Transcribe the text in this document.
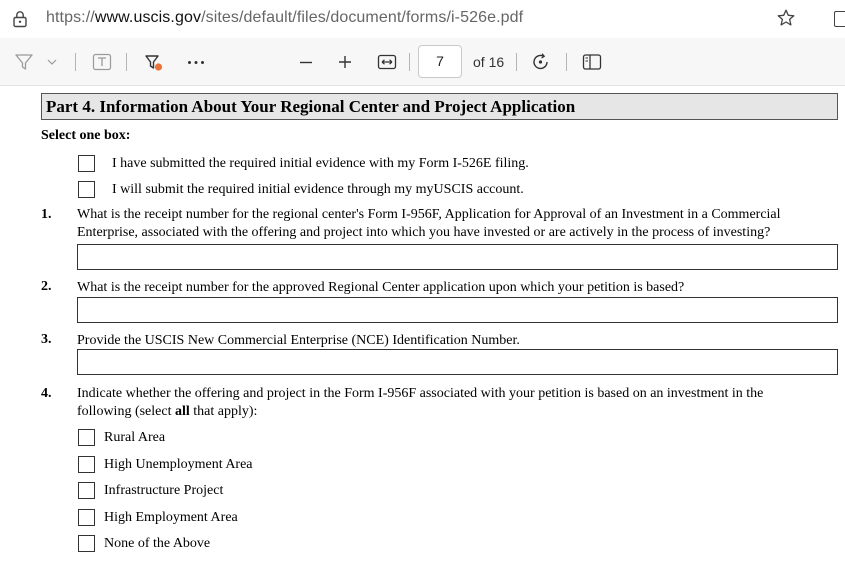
https://www.uscis.gov/sites/default/files/document/forms/i-526e.pdf
7	of 16
Part 4. Information About Your Regional Center and Project Application
Select one box:
I have submitted the required initial evidence with my Form I-526E filing.
I will submit the required initial evidence through my myUSCIS account.
1. What is the receipt number for the regional center's Form I-956F, Application for Approval of an Investment in a Commercial
Enterprise, associated with the offering and project into which you have invested or are actively in the process of investing?
2. What is the receipt number for the approved Regional Center application upon which your petition is based?
3. Provide the USCIS New Commercial Enterprise (NCE) Identification Number.
4. Indicate whether the offering and project in the Form I-956F associated with your petition is based on an investment in the
following (select all that apply):
Rural Area
High Unemployment Area
Infrastructure Project
High Employment Area
None of the Above
